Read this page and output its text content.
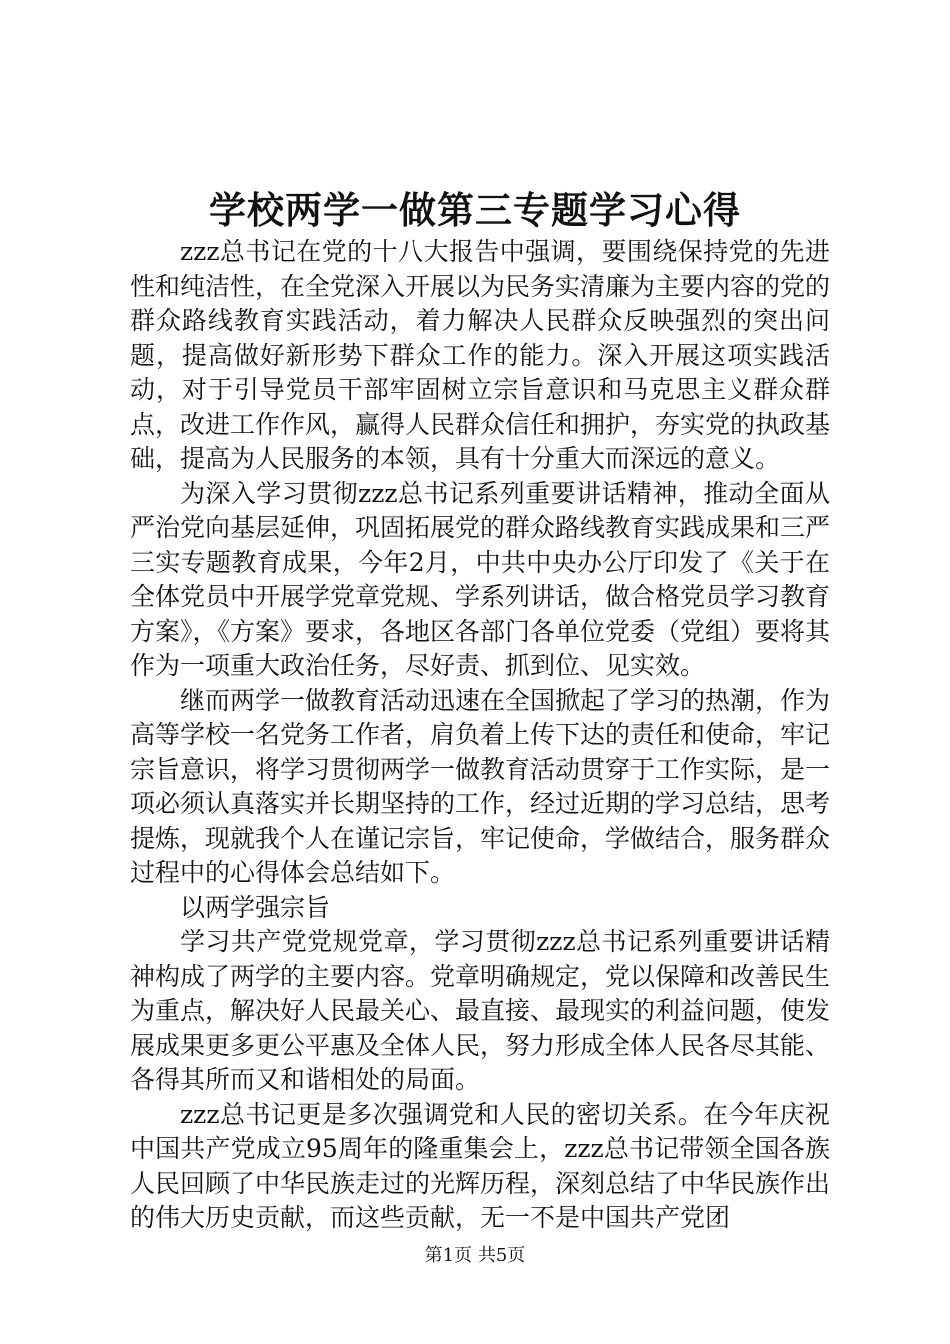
学校两学一做第三专题学习心得

zzz总书记在党的十八大报告中强调，要围绕保持党的先进性和纯洁性，在全党深入开展以为民务实清廉为主要内容的党的群众路线教育实践活动，着力解决人民群众反映强烈的突出问题，提高做好新形势下群众工作的能力。深入开展这项实践活动，对于引导党员干部牢固树立宗旨意识和马克思主义群众群点，改进工作作风，赢得人民群众信任和拥护，夯实党的执政基础，提高为人民服务的本领，具有十分重大而深远的意义。

为深入学习贯彻zzz总书记系列重要讲话精神，推动全面从严治党向基层延伸，巩固拓展党的群众路线教育实践成果和三严三实专题教育成果，今年2月，中共中央办公厅印发了《关于在全体党员中开展学党章党规、学系列讲话，做合格党员学习教育方案》，《方案》要求，各地区各部门各单位党委（党组）要将其作为一项重大政治任务，尽好责、抓到位、见实效。

继而两学一做教育活动迅速在全国掀起了学习的热潮，作为高等学校一名党务工作者，肩负着上传下达的责任和使命，牢记宗旨意识，将学习贯彻两学一做教育活动贯穿于工作实际，是一项必须认真落实并长期坚持的工作，经过近期的学习总结，思考提炼，现就我个人在谨记宗旨，牢记使命，学做结合，服务群众过程中的心得体会总结如下。

以两学强宗旨

学习共产党党规党章，学习贯彻zzz总书记系列重要讲话精神构成了两学的主要内容。党章明确规定，党以保障和改善民生为重点，解决好人民最关心、最直接、最现实的利益问题，使发展成果更多更公平惠及全体人民，努力形成全体人民各尽其能、各得其所而又和谐相处的局面。

zzz总书记更是多次强调党和人民的密切关系。在今年庆祝中国共产党成立95周年的隆重集会上，zzz总书记带领全国各族人民回顾了中华民族走过的光辉历程，深刻总结了中华民族作出的伟大历史贡献，而这些贡献，无一不是中国共产党团

第1页 共5页
